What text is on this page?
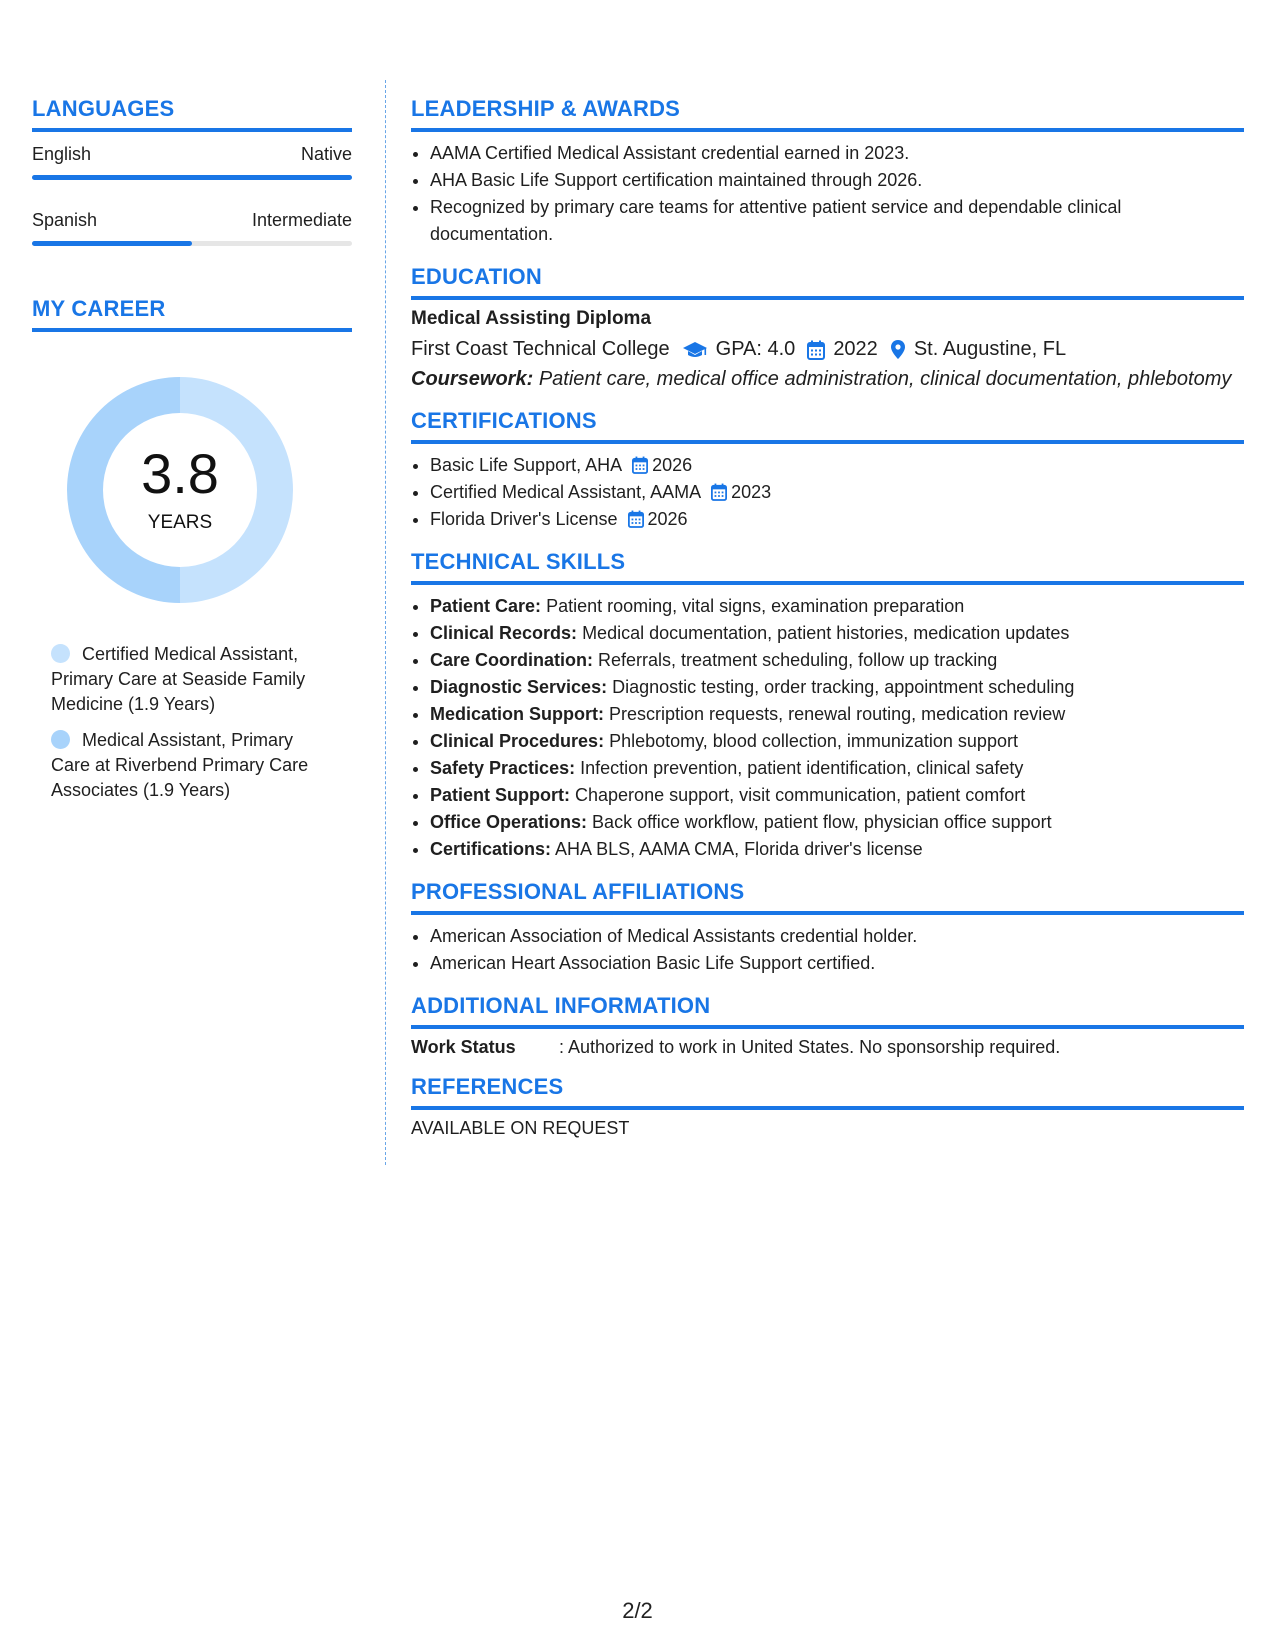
LANGUAGES
English	Native
Spanish	Intermediate
MY CAREER
3.8
YEARS
Certified Medical Assistant, Primary Care at Seaside Family Medicine (1.9 Years)
Medical Assistant, Primary Care at Riverbend Primary Care Associates (1.9 Years)
LEADERSHIP & AWARDS
• AAMA Certified Medical Assistant credential earned in 2023.
• AHA Basic Life Support certification maintained through 2026.
• Recognized by primary care teams for attentive patient service and dependable clinical documentation.
EDUCATION
Medical Assisting Diploma
First Coast Technical College GPA: 4.0 2022 St. Augustine, FL
Coursework: Patient care, medical office administration, clinical documentation, phlebotomy
CERTIFICATIONS
• Basic Life Support, AHA 2026
• Certified Medical Assistant, AAMA 2023
• Florida Driver's License 2026
TECHNICAL SKILLS
• Patient Care: Patient rooming, vital signs, examination preparation
• Clinical Records: Medical documentation, patient histories, medication updates
• Care Coordination: Referrals, treatment scheduling, follow up tracking
• Diagnostic Services: Diagnostic testing, order tracking, appointment scheduling
• Medication Support: Prescription requests, renewal routing, medication review
• Clinical Procedures: Phlebotomy, blood collection, immunization support
• Safety Practices: Infection prevention, patient identification, clinical safety
• Patient Support: Chaperone support, visit communication, patient comfort
• Office Operations: Back office workflow, patient flow, physician office support
• Certifications: AHA BLS, AAMA CMA, Florida driver's license
PROFESSIONAL AFFILIATIONS
• American Association of Medical Assistants credential holder.
• American Heart Association Basic Life Support certified.
ADDITIONAL INFORMATION
Work Status	: Authorized to work in United States. No sponsorship required.
REFERENCES
AVAILABLE ON REQUEST
2/2
